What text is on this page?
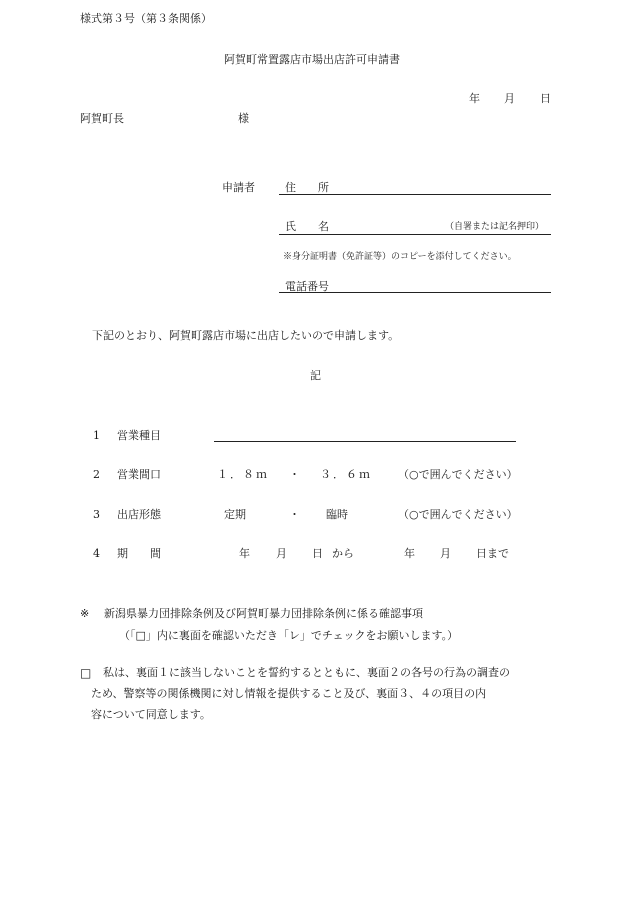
様式第３号（第３条関係）
阿賀町常置露店市場出店許可申請書
年 月 日
阿賀町長	様
申請者	住　　所
氏　　名	（自署または記名押印）
※身分証明書（免許証等）のコピーを添付してください。
電話番号
下記のとおり、阿賀町露店市場に出店したいので申請します。
記
1 営業種目
2 営業間口	１．８ｍ ・ ３．６ｍ （○で囲んでください）
3 出店形態	定期	・ 臨時	（○で囲んでください）
4 期　　間	年 月 日 から	年 月 日まで
※ 新潟県暴力団排除条例及び阿賀町暴力団排除条例に係る確認事項
（「□」内に裏面を確認いただき「レ」でチェックをお願いします。）
□ 私は、裏面１に該当しないことを誓約するとともに、裏面２の各号の行為の調査の
ため、警察等の関係機関に対し情報を提供すること及び、裏面３、４の項目の内
容について同意します。
